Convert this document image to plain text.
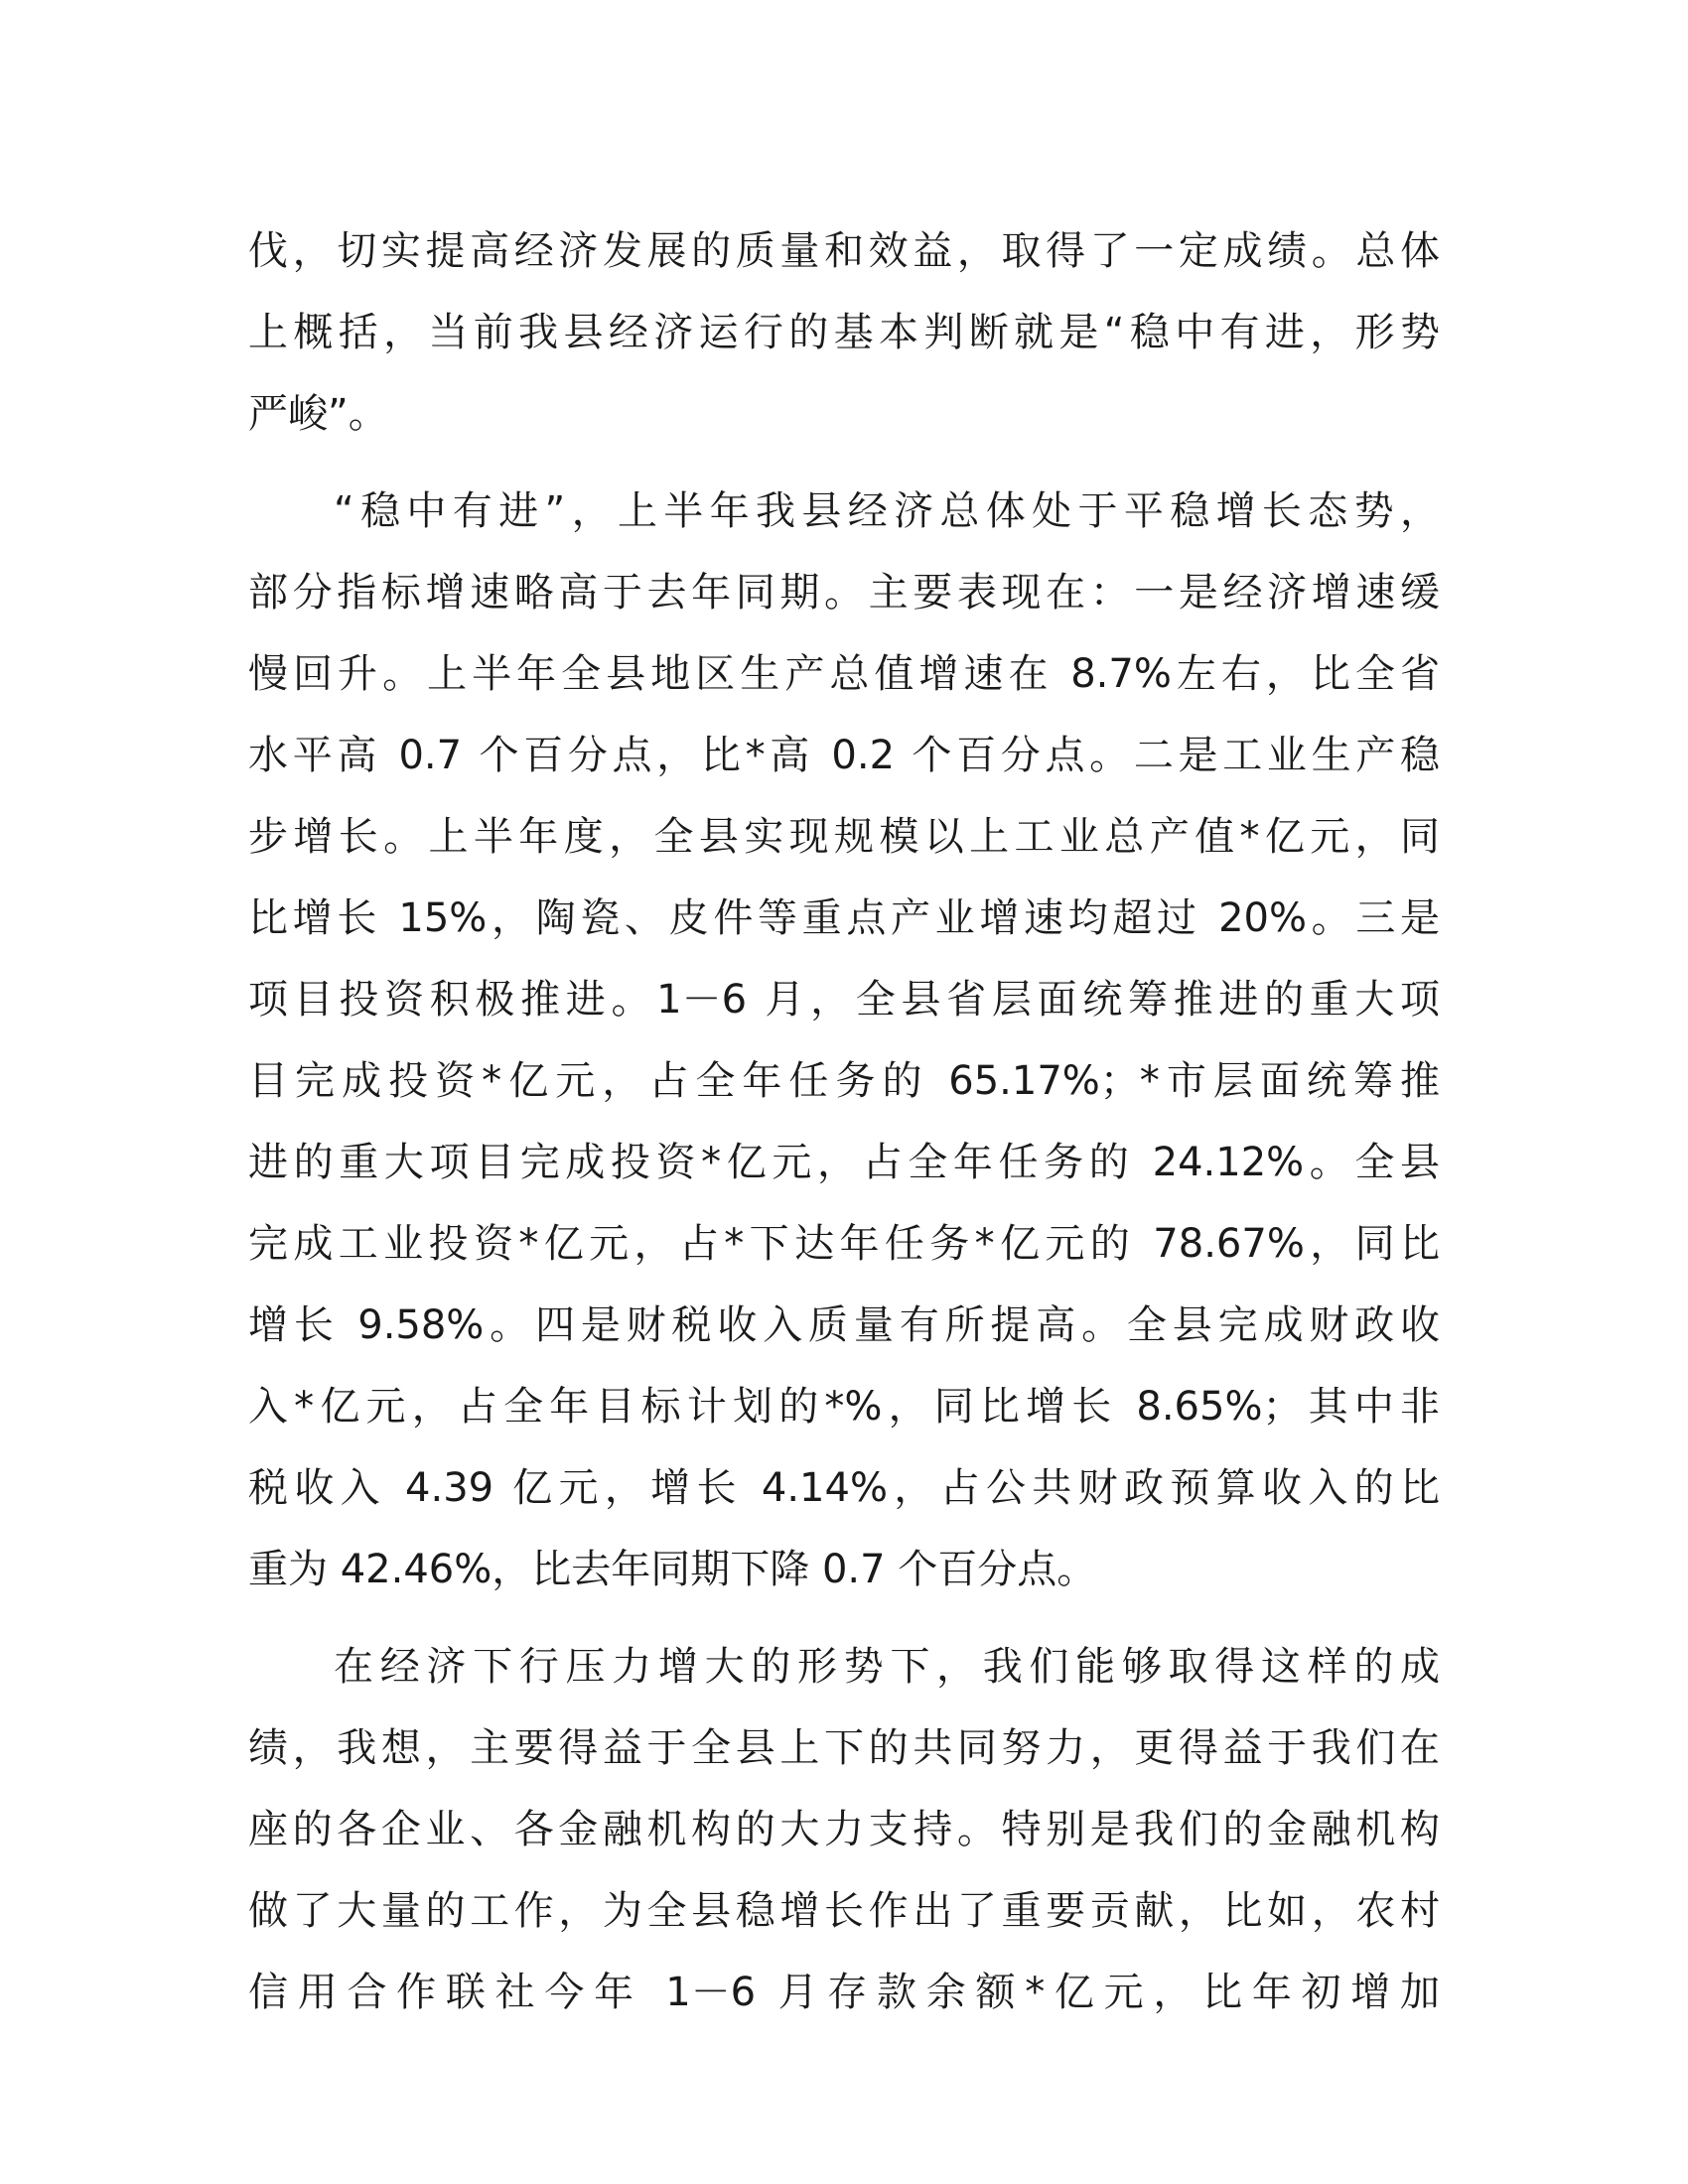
伐，切实提高经济发展的质量和效益，取得了一定成绩。总体
上概括，当前我县经济运行的基本判断就是“稳中有进，形势
严峻”。
“稳中有进”，上半年我县经济总体处于平稳增长态势，
部分指标增速略高于去年同期。主要表现在：一是经济增速缓
慢回升。上半年全县地区生产总值增速在 8.7%左右，比全省
水平高 0.7 个百分点，比*高 0.2 个百分点。二是工业生产稳
步增长。上半年度，全县实现规模以上工业总产值*亿元，同
比增长 15%，陶瓷、皮件等重点产业增速均超过 20%。三是
项目投资积极推进。1－6 月，全县省层面统筹推进的重大项
目完成投资*亿元，占全年任务的 65.17%；*市层面统筹推
进的重大项目完成投资*亿元，占全年任务的 24.12%。全县
完成工业投资*亿元，占*下达年任务*亿元的 78.67%，同比
增长 9.58%。四是财税收入质量有所提高。全县完成财政收
入*亿元，占全年目标计划的*%，同比增长 8.65%；其中非
税收入 4.39 亿元，增长 4.14%，占公共财政预算收入的比
重为 42.46%，比去年同期下降 0.7 个百分点。
在经济下行压力增大的形势下，我们能够取得这样的成
绩，我想，主要得益于全县上下的共同努力，更得益于我们在
座的各企业、各金融机构的大力支持。特别是我们的金融机构
做了大量的工作，为全县稳增长作出了重要贡献，比如，农村
信用合作联社今年 1－6 月存款余额*亿元，比年初增加
